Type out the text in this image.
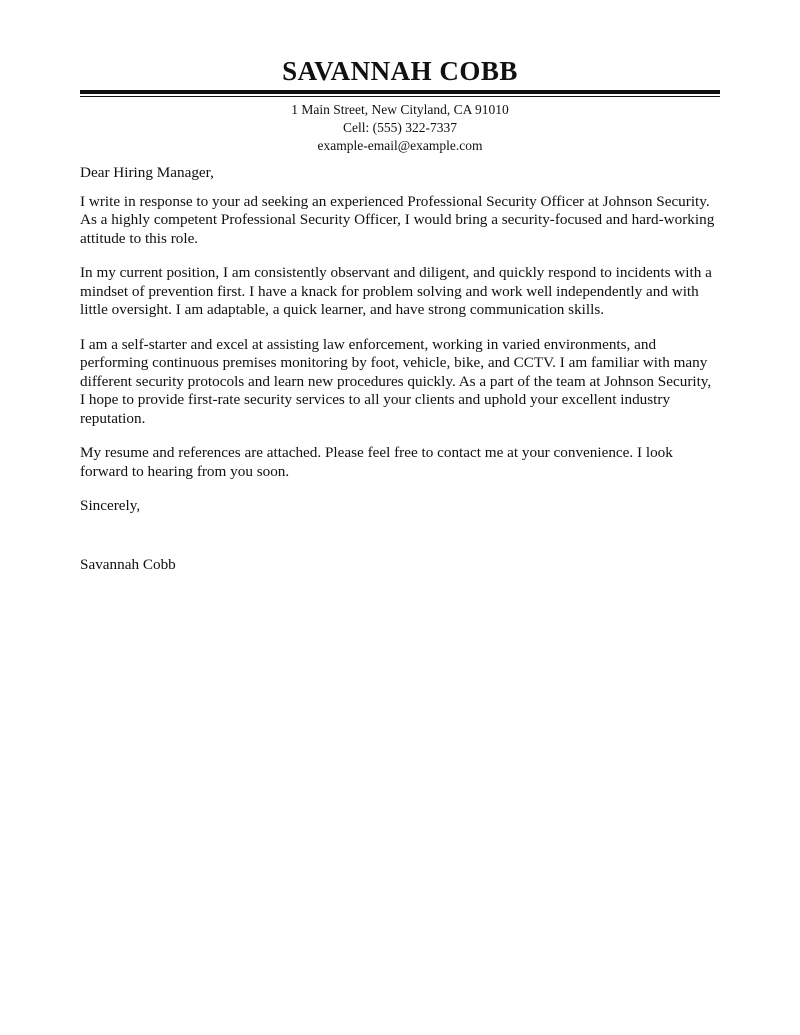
SAVANNAH COBB
1 Main Street, New Cityland, CA 91010
Cell: (555) 322-7337
example-email@example.com

Dear Hiring Manager,

I write in response to your ad seeking an experienced Professional Security Officer at Johnson Security. As a highly competent Professional Security Officer, I would bring a security-focused and hard-working attitude to this role.

In my current position, I am consistently observant and diligent, and quickly respond to incidents with a mindset of prevention first. I have a knack for problem solving and work well independently and with little oversight. I am adaptable, a quick learner, and have strong communication skills.

I am a self-starter and excel at assisting law enforcement, working in varied environments, and performing continuous premises monitoring by foot, vehicle, bike, and CCTV. I am familiar with many different security protocols and learn new procedures quickly. As a part of the team at Johnson Security, I hope to provide first-rate security services to all your clients and uphold your excellent industry reputation.

My resume and references are attached. Please feel free to contact me at your convenience. I look forward to hearing from you soon.

Sincerely,

Savannah Cobb
